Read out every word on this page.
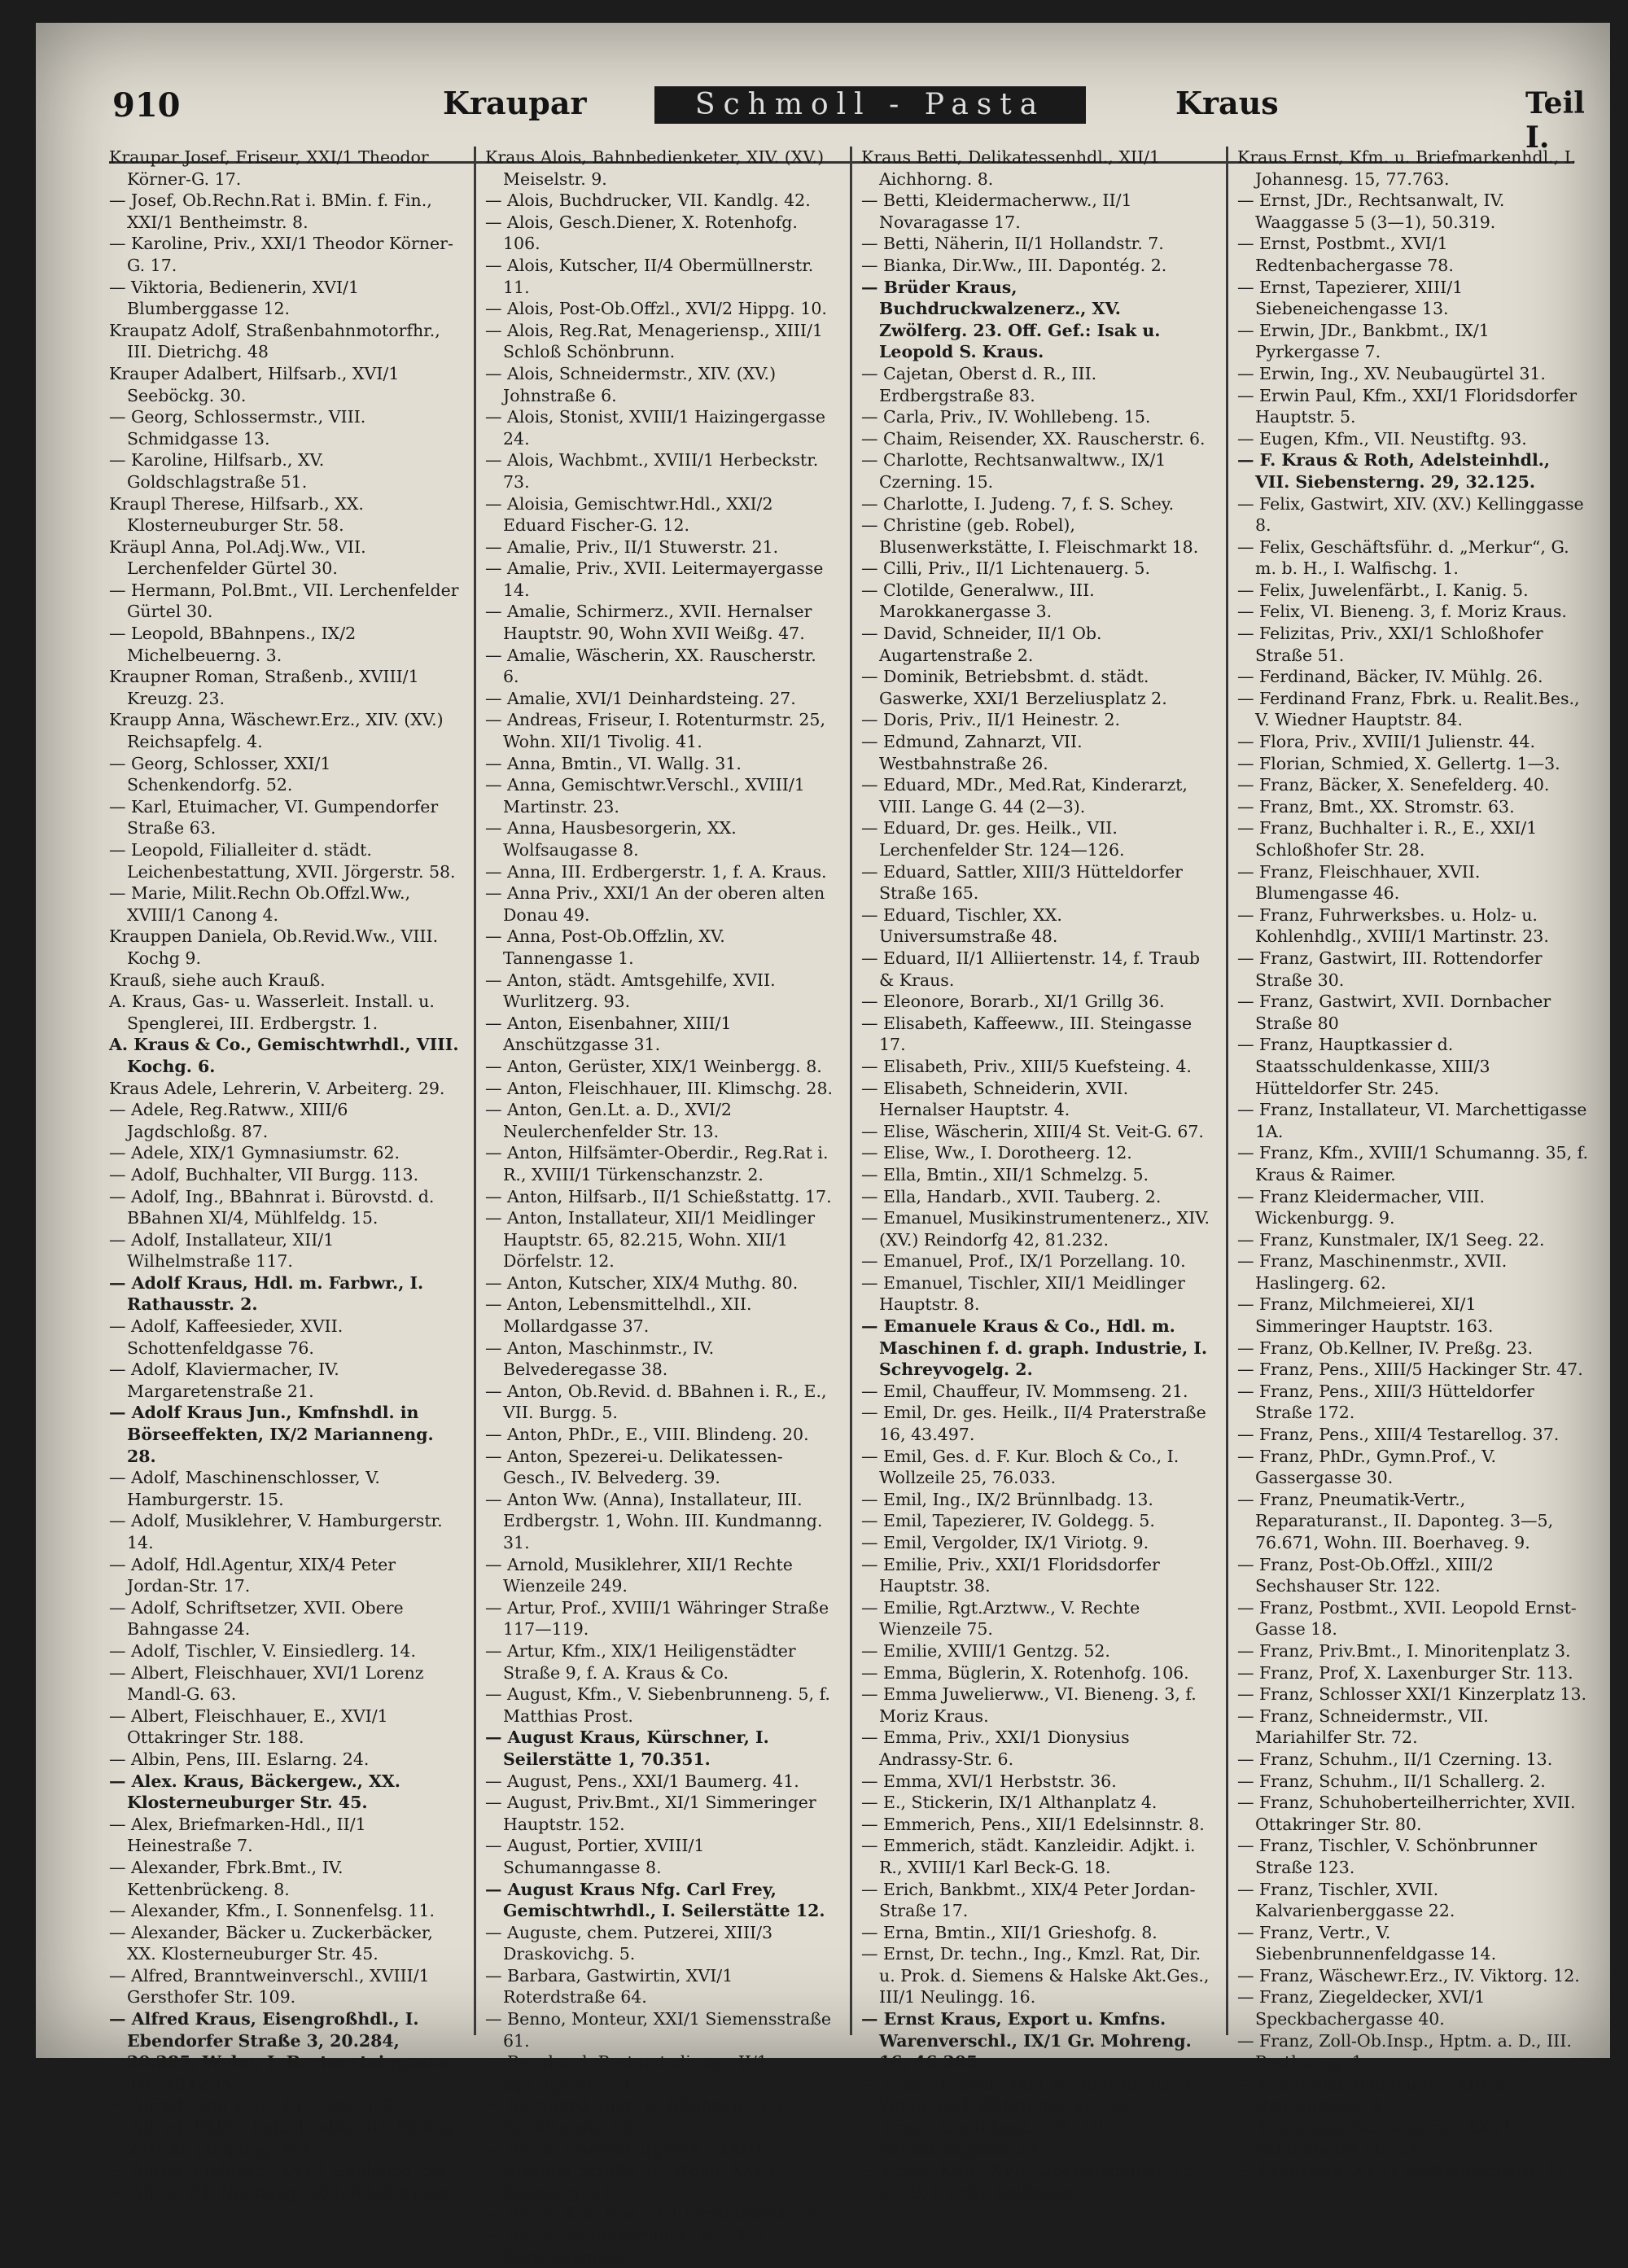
910	Kraupar	Schmoll - Pasta	Kraus	Teil I.
Kraupar Josef, Friseur, XXI/1 Theodor Körner-G. 17.
— Josef, Ob.Rechn.Rat i. BMin. f. Fin., XXI/1 Bentheimstr. 8.
— Karoline, Priv., XXI/1 Theodor Körner-G. 17.
— Viktoria, Bedienerin, XVI/1 Blumberggasse 12.
Kraupatz Adolf, Straßenbahnmotorfhr., III. Dietrichg. 48
Krauper Adalbert, Hilfsarb., XVI/1 Seeböckg. 30.
— Georg, Schlossermstr., VIII. Schmidgasse 13.
— Karoline, Hilfsarb., XV. Goldschlagstraße 51.
Kraupl Therese, Hilfsarb., XX. Klosterneuburger Str. 58.
Kräupl Anna, Pol.Adj.Ww., VII. Lerchenfelder Gürtel 30.
— Hermann, Pol.Bmt., VII. Lerchenfelder Gürtel 30.
— Leopold, BBahnpens., IX/2 Michelbeuerng. 3.
Kraupner Roman, Straßenb., XVIII/1 Kreuzg. 23.
Kraupp Anna, Wäschewr.Erz., XIV. (XV.) Reichsapfelg. 4.
— Georg, Schlosser, XXI/1 Schenkendorfg. 52.
— Karl, Etuimacher, VI. Gumpendorfer Straße 63.
— Leopold, Filialleiter d. städt. Leichenbestattung, XVII. Jörgerstr. 58.
— Marie, Milit.Rechn Ob.Offzl.Ww., XVIII/1 Canong 4.
Krauppen Daniela, Ob.Revid.Ww., VIII. Kochg 9.
Krauß, siehe auch Krauß.
A. Kraus, Gas- u. Wasserleit. Install. u. Spenglerei, III. Erdbergstr. 1.
A. Kraus & Co., Gemischtwrhdl., VIII. Kochg. 6.
Kraus Adele, Lehrerin, V. Arbeiterg. 29.
— Adele, Reg.Ratww., XIII/6 Jagdschloßg. 87.
— Adele, XIX/1 Gymnasiumstr. 62.
— Adolf, Buchhalter, VII Burgg. 113.
— Adolf, Ing., BBahnrat i. Bürovstd. d. BBahnen XI/4, Mühlfeldg. 15.
— Adolf, Installateur, XII/1 Wilhelmstraße 117.
— Adolf Kraus, Hdl. m. Farbwr., I. Rathausstr. 2.
— Adolf, Kaffeesieder, XVII. Schottenfeldgasse 76.
— Adolf, Klaviermacher, IV. Margaretenstraße 21.
— Adolf Kraus Jun., Kmfnshdl. in Börseeffekten, IX/2 Marianneng. 28.
— Adolf, Maschinenschlosser, V. Hamburgerstr. 15.
— Adolf, Musiklehrer, V. Hamburgerstr. 14.
— Adolf, Hdl.Agentur, XIX/4 Peter Jordan-Str. 17.
— Adolf, Schriftsetzer, XVII. Obere Bahngasse 24.
— Adolf, Tischler, V. Einsiedlerg. 14.
— Albert, Fleischhauer, XVI/1 Lorenz Mandl-G. 63.
— Albert, Fleischhauer, E., XVI/1 Ottakringer Str. 188.
— Albin, Pens, III. Eslarng. 24.
— Alex. Kraus, Bäckergew., XX. Klosterneuburger Str. 45.
— Alex, Briefmarken-Hdl., II/1 Heinestraße 7.
— Alexander, Fbrk.Bmt., IV. Kettenbrückeng. 8.
— Alexander, Kfm., I. Sonnenfelsg. 11.
— Alexander, Bäcker u. Zuckerbäcker, XX. Klosterneuburger Str. 45.
— Alfred, Branntweinverschl., XVIII/1 Gersthofer Str. 109.
— Alfred Kraus, Eisengroßhdl., I. Ebendorfer Straße 3, 20.284, 20.285, Wohn. I. Bartensteingasse 16, 3812/IV.
— Alfred, Gen a. D., III. Lagerg. 2.
— Alfred, PhDr., Industrieller, III. Mohsg. 2 (Ecke Jacquing. 49).
— Alired, Likörerz., XVI/1 Gablenzg. 58.
— Alice, VII. Neubaug. 56 f. Adolf Kraus.
Kraus Alois, Bahnbedienketer, XIV. (XV.) Meiselstr. 9.
— Alois, Buchdrucker, VII. Kandlg. 42.
— Alois, Gesch.Diener, X. Rotenhofg. 106.
— Alois, Kutscher, II/4 Obermüllnerstr. 11.
— Alois, Post-Ob.Offzl., XVI/2 Hippg. 10.
— Alois, Reg.Rat, Menageriensp., XIII/1 Schloß Schönbrunn.
— Alois, Schneidermstr., XIV. (XV.) Johnstraße 6.
— Alois, Stonist, XVIII/1 Haizingergasse 24.
— Alois, Wachbmt., XVIII/1 Herbeckstr. 73.
— Aloisia, Gemischtwr.Hdl., XXI/2 Eduard Fischer-G. 12.
— Amalie, Priv., II/1 Stuwerstr. 21.
— Amalie, Priv., XVII. Leitermayergasse 14.
— Amalie, Schirmerz., XVII. Hernalser Hauptstr. 90, Wohn XVII Weißg. 47.
— Amalie, Wäscherin, XX. Rauscherstr. 6.
— Amalie, XVI/1 Deinhardsteing. 27.
— Andreas, Friseur, I. Rotenturmstr. 25, Wohn. XII/1 Tivolig. 41.
— Anna, Bmtin., VI. Wallg. 31.
— Anna, Gemischtwr.Verschl., XVIII/1 Martinstr. 23.
— Anna, Hausbesorgerin, XX. Wolfsaugasse 8.
— Anna, III. Erdbergerstr. 1, f. A. Kraus.
— Anna Priv., XXI/1 An der oberen alten Donau 49.
— Anna, Post-Ob.Offzlin, XV. Tannengasse 1.
— Anton, städt. Amtsgehilfe, XVII. Wurlitzerg. 93.
— Anton, Eisenbahner, XIII/1 Anschützgasse 31.
— Anton, Gerüster, XIX/1 Weinbergg. 8.
— Anton, Fleischhauer, III. Klimschg. 28.
— Anton, Gen.Lt. a. D., XVI/2 Neulerchenfelder Str. 13.
— Anton, Hilfsämter-Oberdir., Reg.Rat i. R., XVIII/1 Türkenschanzstr. 2.
— Anton, Hilfsarb., II/1 Schießstattg. 17.
— Anton, Installateur, XII/1 Meidlinger Hauptstr. 65, 82.215, Wohn. XII/1 Dörfelstr. 12.
— Anton, Kutscher, XIX/4 Muthg. 80.
— Anton, Lebensmittelhdl., XII. Mollardgasse 37.
— Anton, Maschinmstr., IV. Belvederegasse 38.
— Anton, Ob.Revid. d. BBahnen i. R., E., VII. Burgg. 5.
— Anton, PhDr., E., VIII. Blindeng. 20.
— Anton, Spezerei-u. Delikatessen-Gesch., IV. Belvederg. 39.
— Anton Ww. (Anna), Installateur, III. Erdbergstr. 1, Wohn. III. Kundmanng. 31.
— Arnold, Musiklehrer, XII/1 Rechte Wienzeile 249.
— Artur, Prof., XVIII/1 Währinger Straße 117—119.
— Artur, Kfm., XIX/1 Heiligenstädter Straße 9, f. A. Kraus & Co.
— August, Kfm., V. Siebenbrunneng. 5, f. Matthias Prost.
— August Kraus, Kürschner, I. Seilerstätte 1, 70.351.
— August, Pens., XXI/1 Baumerg. 41.
— August, Priv.Bmt., XI/1 Simmeringer Hauptstr. 152.
— August, Portier, XVIII/1 Schumanngasse 8.
— August Kraus Nfg. Carl Frey, Gemischtwrhdl., I. Seilerstätte 12.
— Auguste, chem. Putzerei, XIII/3 Draskovichg. 5.
— Barbara, Gastwirtin, XVI/1 Roterdstraße 64.
— Benno, Monteur, XXI/1 Siemensstraße 61.
— Bernhard, Postamtsdiener, II/1 Springerstr. 24.
— Bernhard, Insp. d. BBahnen, II/3 Schüttaustr. 59.
— Berta, Damenhutgesch., XXI/1 Brünner Straße 30, Wohn. XXI/1 Baumerg. 41.
— Berta, Kfm.Ww., II/1 Ferdinandstr. 22.
— Berta, Schnittwrhdlg., E., IX/2 Borschkegasse 4.
Kraus Betti, Delikatessenhdl., XII/1 Aichhorng. 8.
— Betti, Kleidermacherww., II/1 Novaragasse 17.
— Betti, Näherin, II/1 Hollandstr. 7.
— Bianka, Dir.Ww., III. Dapontég. 2.
— Brüder Kraus, Buchdruckwalzenerz., XV. Zwölferg. 23. Off. Gef.: Isak u. Leopold S. Kraus.
— Cajetan, Oberst d. R., III. Erdbergstraße 83.
— Carla, Priv., IV. Wohllebeng. 15.
— Chaim, Reisender, XX. Rauscherstr. 6.
— Charlotte, Rechtsanwaltww., IX/1 Czerning. 15.
— Charlotte, I. Judeng. 7, f. S. Schey.
— Christine (geb. Robel), Blusenwerkstätte, I. Fleischmarkt 18.
— Cilli, Priv., II/1 Lichtenauerg. 5.
— Clotilde, Generalww., III. Marokkanergasse 3.
— David, Schneider, II/1 Ob. Augartenstraße 2.
— Dominik, Betriebsbmt. d. städt. Gaswerke, XXI/1 Berzeliusplatz 2.
— Doris, Priv., II/1 Heinestr. 2.
— Edmund, Zahnarzt, VII. Westbahnstraße 26.
— Eduard, MDr., Med.Rat, Kinderarzt, VIII. Lange G. 44 (2—3).
— Eduard, Dr. ges. Heilk., VII. Lerchenfelder Str. 124—126.
— Eduard, Sattler, XIII/3 Hütteldorfer Straße 165.
— Eduard, Tischler, XX. Universumstraße 48.
— Eduard, II/1 Alliiertenstr. 14, f. Traub & Kraus.
— Eleonore, Borarb., XI/1 Grillg 36.
— Elisabeth, Kaffeeww., III. Steingasse 17.
— Elisabeth, Priv., XIII/5 Kuefsteing. 4.
— Elisabeth, Schneiderin, XVII. Hernalser Hauptstr. 4.
— Elise, Wäscherin, XIII/4 St. Veit-G. 67.
— Elise, Ww., I. Dorotheerg. 12.
— Ella, Bmtin., XII/1 Schmelzg. 5.
— Ella, Handarb., XVII. Tauberg. 2.
— Emanuel, Musikinstrumentenerz., XIV. (XV.) Reindorfg 42, 81.232.
— Emanuel, Prof., IX/1 Porzellang. 10.
— Emanuel, Tischler, XII/1 Meidlinger Hauptstr. 8.
— Emanuele Kraus & Co., Hdl. m. Maschinen f. d. graph. Industrie, I. Schreyvogelg. 2.
— Emil, Chauffeur, IV. Mommseng. 21.
— Emil, Dr. ges. Heilk., II/4 Praterstraße 16, 43.497.
— Emil, Ges. d. F. Kur. Bloch & Co., I. Wollzeile 25, 76.033.
— Emil, Ing., IX/2 Brünnlbadg. 13.
— Emil, Tapezierer, IV. Goldegg. 5.
— Emil, Vergolder, IX/1 Viriotg. 9.
— Emilie, Priv., XXI/1 Floridsdorfer Hauptstr. 38.
— Emilie, Rgt.Arztww., V. Rechte Wienzeile 75.
— Emilie, XVIII/1 Gentzg. 52.
— Emma, Büglerin, X. Rotenhofg. 106.
— Emma Juwelierww., VI. Bieneng. 3, f. Moriz Kraus.
— Emma, Priv., XXI/1 Dionysius Andrassy-Str. 6.
— Emma, XVI/1 Herbststr. 36.
— E., Stickerin, IX/1 Althanplatz 4.
— Emmerich, Pens., XII/1 Edelsinnstr. 8.
— Emmerich, städt. Kanzleidir. Adjkt. i. R., XVIII/1 Karl Beck-G. 18.
— Erich, Bankbmt., XIX/4 Peter Jordan-Straße 17.
— Erna, Bmtin., XII/1 Grieshofg. 8.
— Ernst, Dr. techn., Ing., Kmzl. Rat, Dir. u. Prok. d. Siemens & Halske Akt.Ges., III/1 Neulingg. 16.
— Ernst Kraus, Export u. Kmfns. Warenverschl., IX/1 Gr. Mohreng. 16. 46.305.
— Ernst, Friseur, IX/1 Nußdorfer Str. 3, Wohn. IX/1 Währinger Str. 56.
— Ernst, GenIntend. i. R., III. Sebastiangasse 23.
— Ernst, Kfm., XVII. Oberwiedenstr. 15, 4739, f. Fritz Bellmann.
Kraus Ernst, Kfm. u. Briefmarkenhdl., I. Johannesg. 15, 77.763.
— Ernst, JDr., Rechtsanwalt, IV. Waaggasse 5 (3—1), 50.319.
— Ernst, Postbmt., XVI/1 Redtenbachergasse 78.
— Ernst, Tapezierer, XIII/1 Siebeneichengasse 13.
— Erwin, JDr., Bankbmt., IX/1 Pyrkergasse 7.
— Erwin, Ing., XV. Neubaugürtel 31.
— Erwin Paul, Kfm., XXI/1 Floridsdorfer Hauptstr. 5.
— Eugen, Kfm., VII. Neustiftg. 93.
— F. Kraus & Roth, Adelsteinhdl., VII. Siebensterng. 29, 32.125.
— Felix, Gastwirt, XIV. (XV.) Kellinggasse 8.
— Felix, Geschäftsführ. d. „Merkur“, G. m. b. H., I. Walfischg. 1.
— Felix, Juwelenfärbt., I. Kanig. 5.
— Felix, VI. Bieneng. 3, f. Moriz Kraus.
— Felizitas, Priv., XXI/1 Schloßhofer Straße 51.
— Ferdinand, Bäcker, IV. Mühlg. 26.
— Ferdinand Franz, Fbrk. u. Realit.Bes., V. Wiedner Hauptstr. 84.
— Flora, Priv., XVIII/1 Julienstr. 44.
— Florian, Schmied, X. Gellertg. 1—3.
— Franz, Bäcker, X. Senefelderg. 40.
— Franz, Bmt., XX. Stromstr. 63.
— Franz, Buchhalter i. R., E., XXI/1 Schloßhofer Str. 28.
— Franz, Fleischhauer, XVII. Blumengasse 46.
— Franz, Fuhrwerksbes. u. Holz- u. Kohlenhdlg., XVIII/1 Martinstr. 23.
— Franz, Gastwirt, III. Rottendorfer Straße 30.
— Franz, Gastwirt, XVII. Dornbacher Straße 80
— Franz, Hauptkassier d. Staatsschuldenkasse, XIII/3 Hütteldorfer Str. 245.
— Franz, Installateur, VI. Marchettigasse 1A.
— Franz, Kfm., XVIII/1 Schumanng. 35, f. Kraus & Raimer.
— Franz Kleidermacher, VIII. Wickenburgg. 9.
— Franz, Kunstmaler, IX/1 Seeg. 22.
— Franz, Maschinenmstr., XVII. Haslingerg. 62.
— Franz, Milchmeierei, XI/1 Simmeringer Hauptstr. 163.
— Franz, Ob.Kellner, IV. Preßg. 23.
— Franz, Pens., XIII/5 Hackinger Str. 47.
— Franz, Pens., XIII/3 Hütteldorfer Straße 172.
— Franz, Pens., XIII/4 Testarellog. 37.
— Franz, PhDr., Gymn.Prof., V. Gassergasse 30.
— Franz, Pneumatik-Vertr., Reparaturanst., II. Daponteg. 3—5, 76.671, Wohn. III. Boerhaveg. 9.
— Franz, Post-Ob.Offzl., XIII/2 Sechshauser Str. 122.
— Franz, Postbmt., XVII. Leopold Ernst-Gasse 18.
— Franz, Priv.Bmt., I. Minoritenplatz 3.
— Franz, Prof, X. Laxenburger Str. 113.
— Franz, Schlosser XXI/1 Kinzerplatz 13.
— Franz, Schneidermstr., VII. Mariahilfer Str. 72.
— Franz, Schuhm., II/1 Czerning. 13.
— Franz, Schuhm., II/1 Schallerg. 2.
— Franz, Schuhoberteilherrichter, XVII. Ottakringer Str. 80.
— Franz, Tischler, V. Schönbrunner Straße 123.
— Franz, Tischler, XVII. Kalvarienberggasse 22.
— Franz, Vertr., V. Siebenbrunnenfeldgasse 14.
— Franz, Wäschewr.Erz., IV. Viktorg. 12.
— Franz, Ziegeldecker, XVI/1 Speckbachergasse 40.
— Franz, Zoll-Ob.Insp., Hptm. a. D., III. Posthorng. 1.
— Franziska, Bedienerin, XIII/2 Iheringgasse 9.
— Franziska, Schneiderin, XXI/1 Schloßhofer Str. 51.
— Franziska, XVI/1 Redtenbacherg. 17.
